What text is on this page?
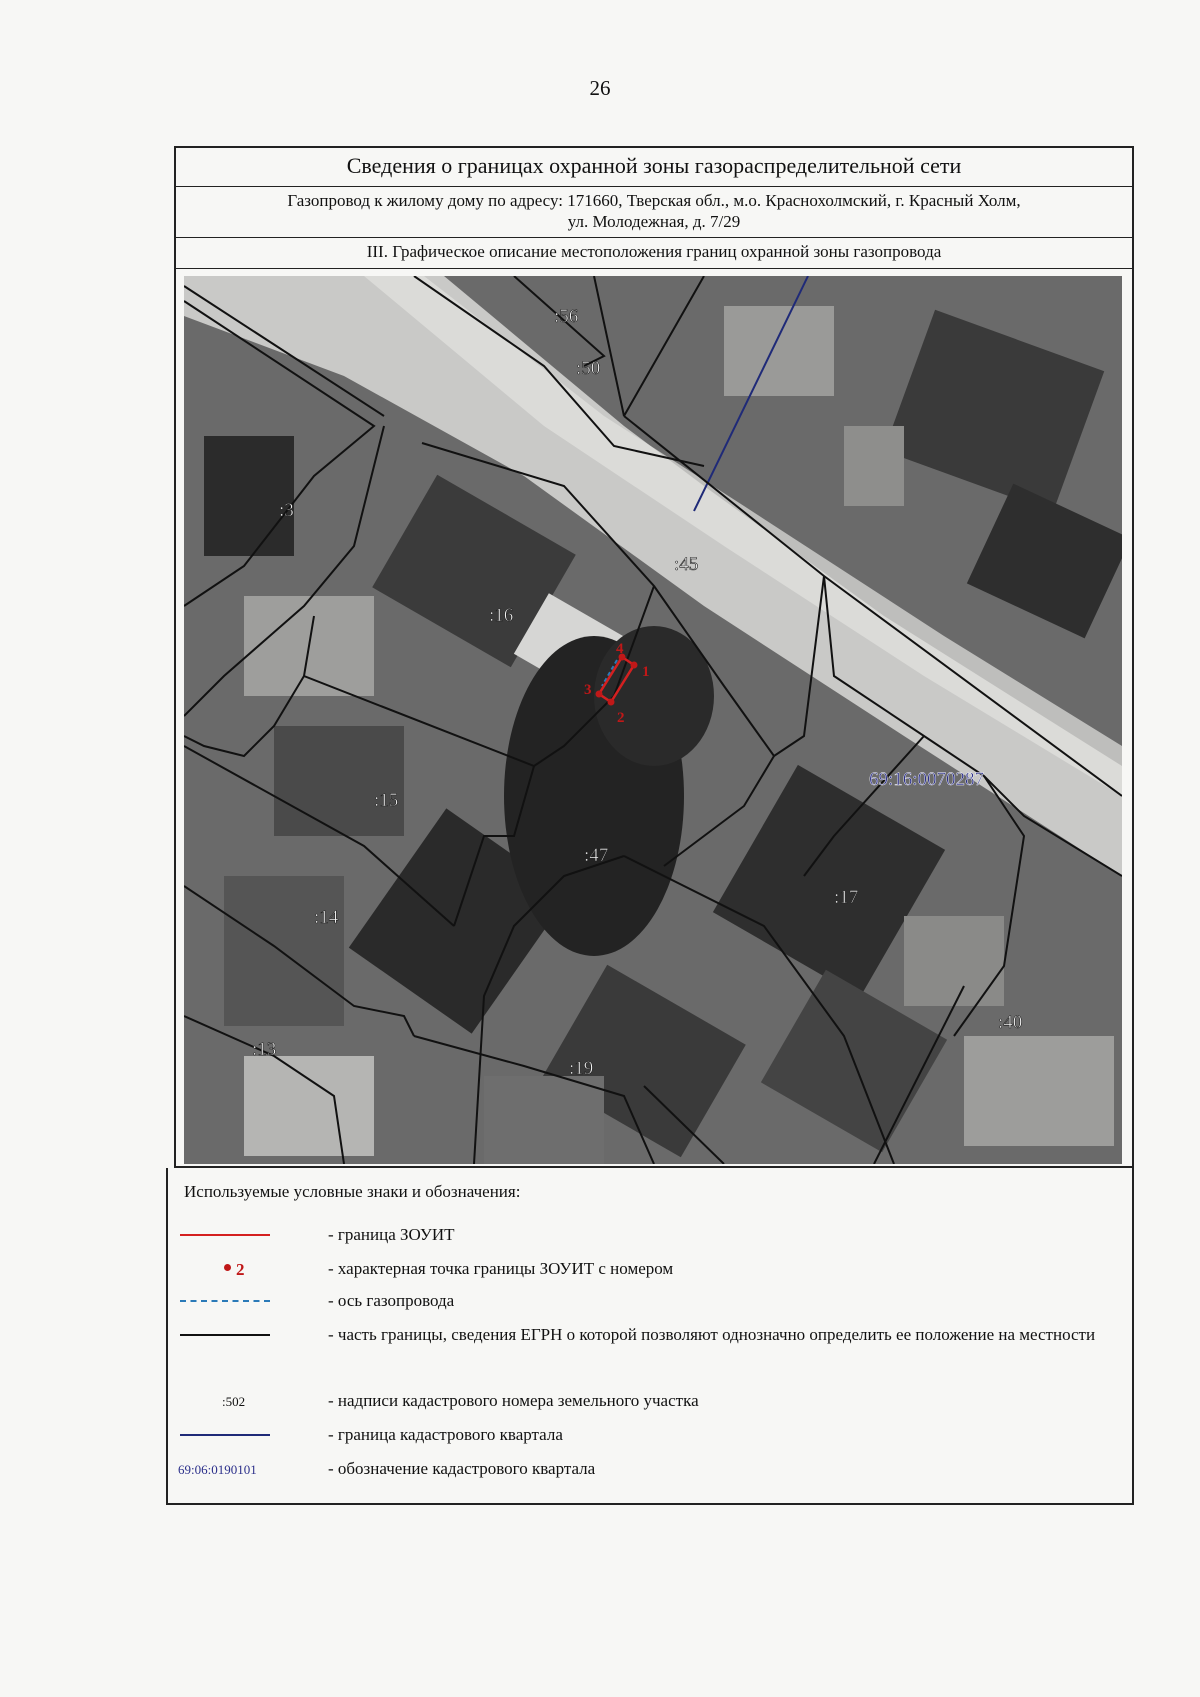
26
Сведения о границах охранной зоны газораспределительной сети
Газопровод к жилому дому по адресу: 171660, Тверская обл., м.о. Краснохолмский, г. Красный Холм,
ул. Молодежная, д. 7/29
III. Графическое описание местоположения границ охранной зоны газопровода
1
2
3
4
:56
:50
:3
:45
:16
:15
:47
:14
:17
:40
:13
:19
69:16:0070287
Используемые условные знаки и обозначения:
- граница ЗОУИТ
2	- характерная точка границы ЗОУИТ с номером
- ось газопровода
- часть границы, сведения ЕГРН о которой позволяют однозначно определить ее положение на местности
:502	- надписи кадастрового номера земельного участка
- граница кадастрового квартала
69:06:0190101	- обозначение кадастрового квартала
